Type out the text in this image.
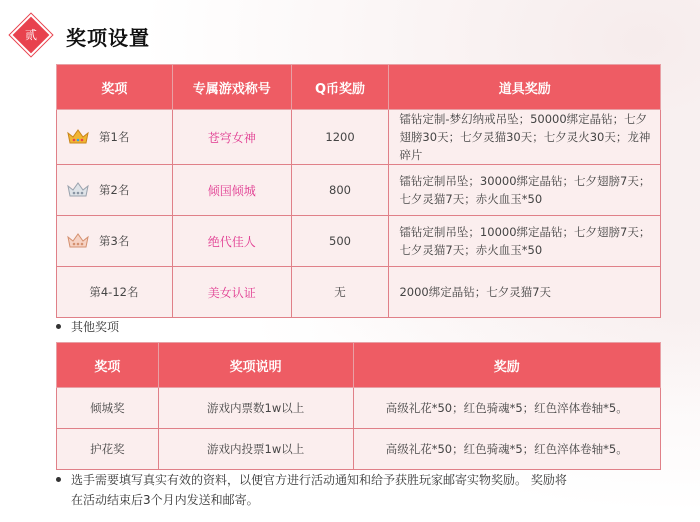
贰	奖项设置
奖项	专属游戏称号	Q币奖励	道具奖励
第1名	苍穹女神	1200	镭钻定制-梦幻纳戒吊坠；50000绑定晶钻；七夕翅膀30天；七夕灵猫30天；七夕灵火30天；龙神碎片
第2名	倾国倾城	800	镭钻定制吊坠；30000绑定晶钻；七夕翅膀7天；七夕灵猫7天；赤火血玉*50
第3名	绝代佳人	500	镭钻定制吊坠；10000绑定晶钻；七夕翅膀7天；七夕灵猫7天；赤火血玉*50
第4-12名	美女认证	无	2000绑定晶钻；七夕灵猫7天
其他奖项
奖项	奖项说明	奖励
倾城奖	游戏内票数1w以上	高级礼花*50；红色骑魂*5；红色淬体卷轴*5。
护花奖	游戏内投票1w以上	高级礼花*50；红色骑魂*5；红色淬体卷轴*5。
选手需要填写真实有效的资料，以便官方进行活动通知和给予获胜玩家邮寄实物奖励。 奖励将在活动结束后3个月内发送和邮寄。
